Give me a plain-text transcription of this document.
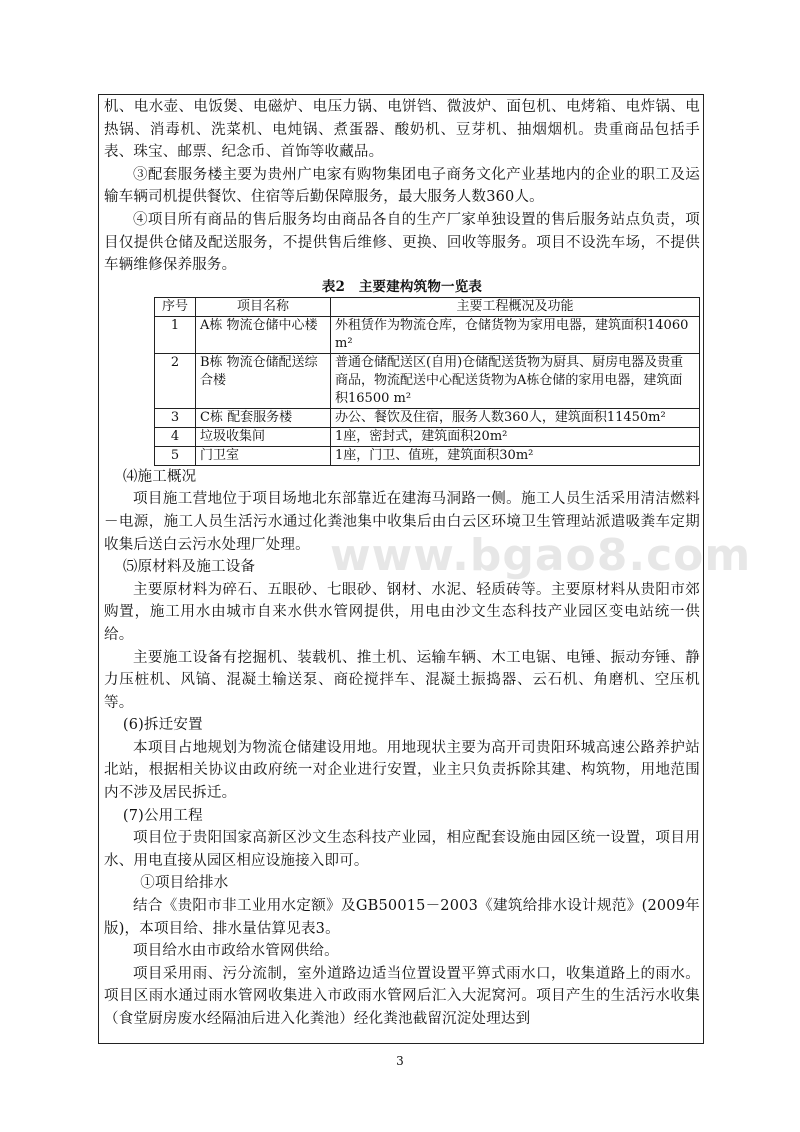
机、电水壶、电饭煲、电磁炉、电压力锅、电饼铛、微波炉、面包机、电烤箱、电炸锅、电热锅、消毒机、洗菜机、电炖锅、煮蛋器、酸奶机、豆芽机、抽烟烟机。贵重商品包括手表、珠宝、邮票、纪念币、首饰等收藏品。

③配套服务楼主要为贵州广电家有购物集团电子商务文化产业基地内的企业的职工及运输车辆司机提供餐饮、住宿等后勤保障服务，最大服务人数360人。

④项目所有商品的售后服务均由商品各自的生产厂家单独设置的售后服务站点负责，项目仅提供仓储及配送服务，不提供售后维修、更换、回收等服务。项目不设洗车场，不提供车辆维修保养服务。

表2　主要建构筑物一览表

序号	项目名称	主要工程概况及功能
1	A栋 物流仓储中心楼	外租赁作为物流仓库，仓储货物为家用电器，建筑面积14060 m²
2	B栋 物流仓储配送综合楼	普通仓储配送区(自用)仓储配送货物为厨具、厨房电器及贵重商品，物流配送中心配送货物为A栋仓储的家用电器，建筑面积16500 m²
3	C栋 配套服务楼	办公、餐饮及住宿，服务人数360人，建筑面积11450m²
4	垃圾收集间	1座，密封式，建筑面积20m²
5	门卫室	1座，门卫、值班，建筑面积30m²

⑷施工概况

项目施工营地位于项目场地北东部靠近在建海马洞路一侧。施工人员生活采用清洁燃料－电源，施工人员生活污水通过化粪池集中收集后由白云区环境卫生管理站派遣吸粪车定期收集后送白云污水处理厂处理。

⑸原材料及施工设备

主要原材料为碎石、五眼砂、七眼砂、钢材、水泥、轻质砖等。主要原材料从贵阳市郊购置，施工用水由城市自来水供水管网提供，用电由沙文生态科技产业园区变电站统一供给。

主要施工设备有挖掘机、装载机、推土机、运输车辆、木工电锯、电锤、振动夯锤、静力压桩机、风镐、混凝土输送泵、商砼搅拌车、混凝土振捣器、云石机、角磨机、空压机等。

(6)拆迁安置

本项目占地规划为物流仓储建设用地。用地现状主要为高开司贵阳环城高速公路养护站北站，根据相关协议由政府统一对企业进行安置，业主只负责拆除其建、构筑物，用地范围内不涉及居民拆迁。

(7)公用工程

项目位于贵阳国家高新区沙文生态科技产业园，相应配套设施由园区统一设置，项目用水、用电直接从园区相应设施接入即可。

①项目给排水

结合《贵阳市非工业用水定额》及GB50015－2003《建筑给排水设计规范》(2009年版)，本项目给、排水量估算见表3。

项目给水由市政给水管网供给。

项目采用雨、污分流制，室外道路边适当位置设置平箅式雨水口，收集道路上的雨水。项目区雨水通过雨水管网收集进入市政雨水管网后汇入大泥窝河。项目产生的生活污水收集（食堂厨房废水经隔油后进入化粪池）经化粪池截留沉淀处理达到

www.bgao8.com
3
